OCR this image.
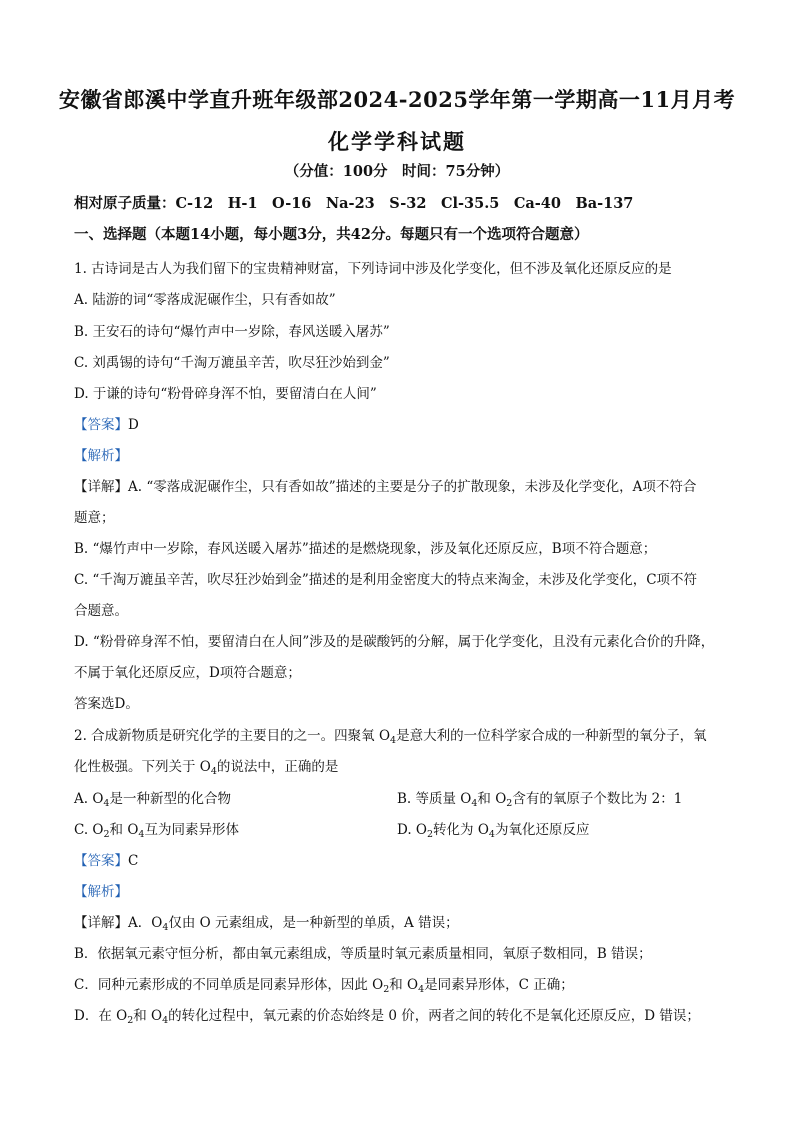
安徽省郎溪中学直升班年级部2024-2025学年第一学期高一11月月考
化学学科试题
（分值：100分　时间：75分钟）
相对原子质量：C-12　H-1　O-16　Na-23　S-32　Cl-35.5　Ca-40　Ba-137
一、选择题（本题14小题，每小题3分，共42分。每题只有一个选项符合题意）
1. 古诗词是古人为我们留下的宝贵精神财富，下列诗词中涉及化学变化，但不涉及氧化还原反应的是
A. 陆游的词“零落成泥碾作尘，只有香如故”
B. 王安石的诗句“爆竹声中一岁除，春风送暖入屠苏”
C. 刘禹锡的诗句“千淘万漉虽辛苦，吹尽狂沙始到金”
D. 于谦的诗句“粉骨碎身浑不怕，要留清白在人间”
【答案】D
【解析】
【详解】A. “零落成泥碾作尘，只有香如故”描述的主要是分子的扩散现象，未涉及化学变化，A项不符合
题意；
B. “爆竹声中一岁除，春风送暖入屠苏”描述的是燃烧现象，涉及氧化还原反应，B项不符合题意；
C. “千淘万漉虽辛苦，吹尽狂沙始到金”描述的是利用金密度大的特点来淘金，未涉及化学变化，C项不符
合题意。
D. “粉骨碎身浑不怕，要留清白在人间”涉及的是碳酸钙的分解，属于化学变化，且没有元素化合价的升降，
不属于氧化还原反应，D项符合题意；
答案选D。
2. 合成新物质是研究化学的主要目的之一。四聚氧 $O_4$是意大利的一位科学家合成的一种新型的氧分子，氧
化性极强。下列关于 $O_4$的说法中，正确的是
A. $O_4$是一种新型的化合物	B. 等质量 $O_4$和 $O_2$含有的氧原子个数比为 2：1
C. $O_2$和 $O_4$互为同素异形体	D. $O_2$转化为 $O_4$为氧化还原反应
【答案】C
【解析】
【详解】A．$O_4$仅由 O 元素组成，是一种新型的单质，A 错误；
B．依据氧元素守恒分析，都由氧元素组成，等质量时氧元素质量相同，氧原子数相同，B 错误；
C．同种元素形成的不同单质是同素异形体，因此 $O_2$和 $O_4$是同素异形体，C 正确；
D．在 $O_2$和 $O_4$的转化过程中，氧元素的价态始终是 0 价，两者之间的转化不是氧化还原反应，D 错误；
